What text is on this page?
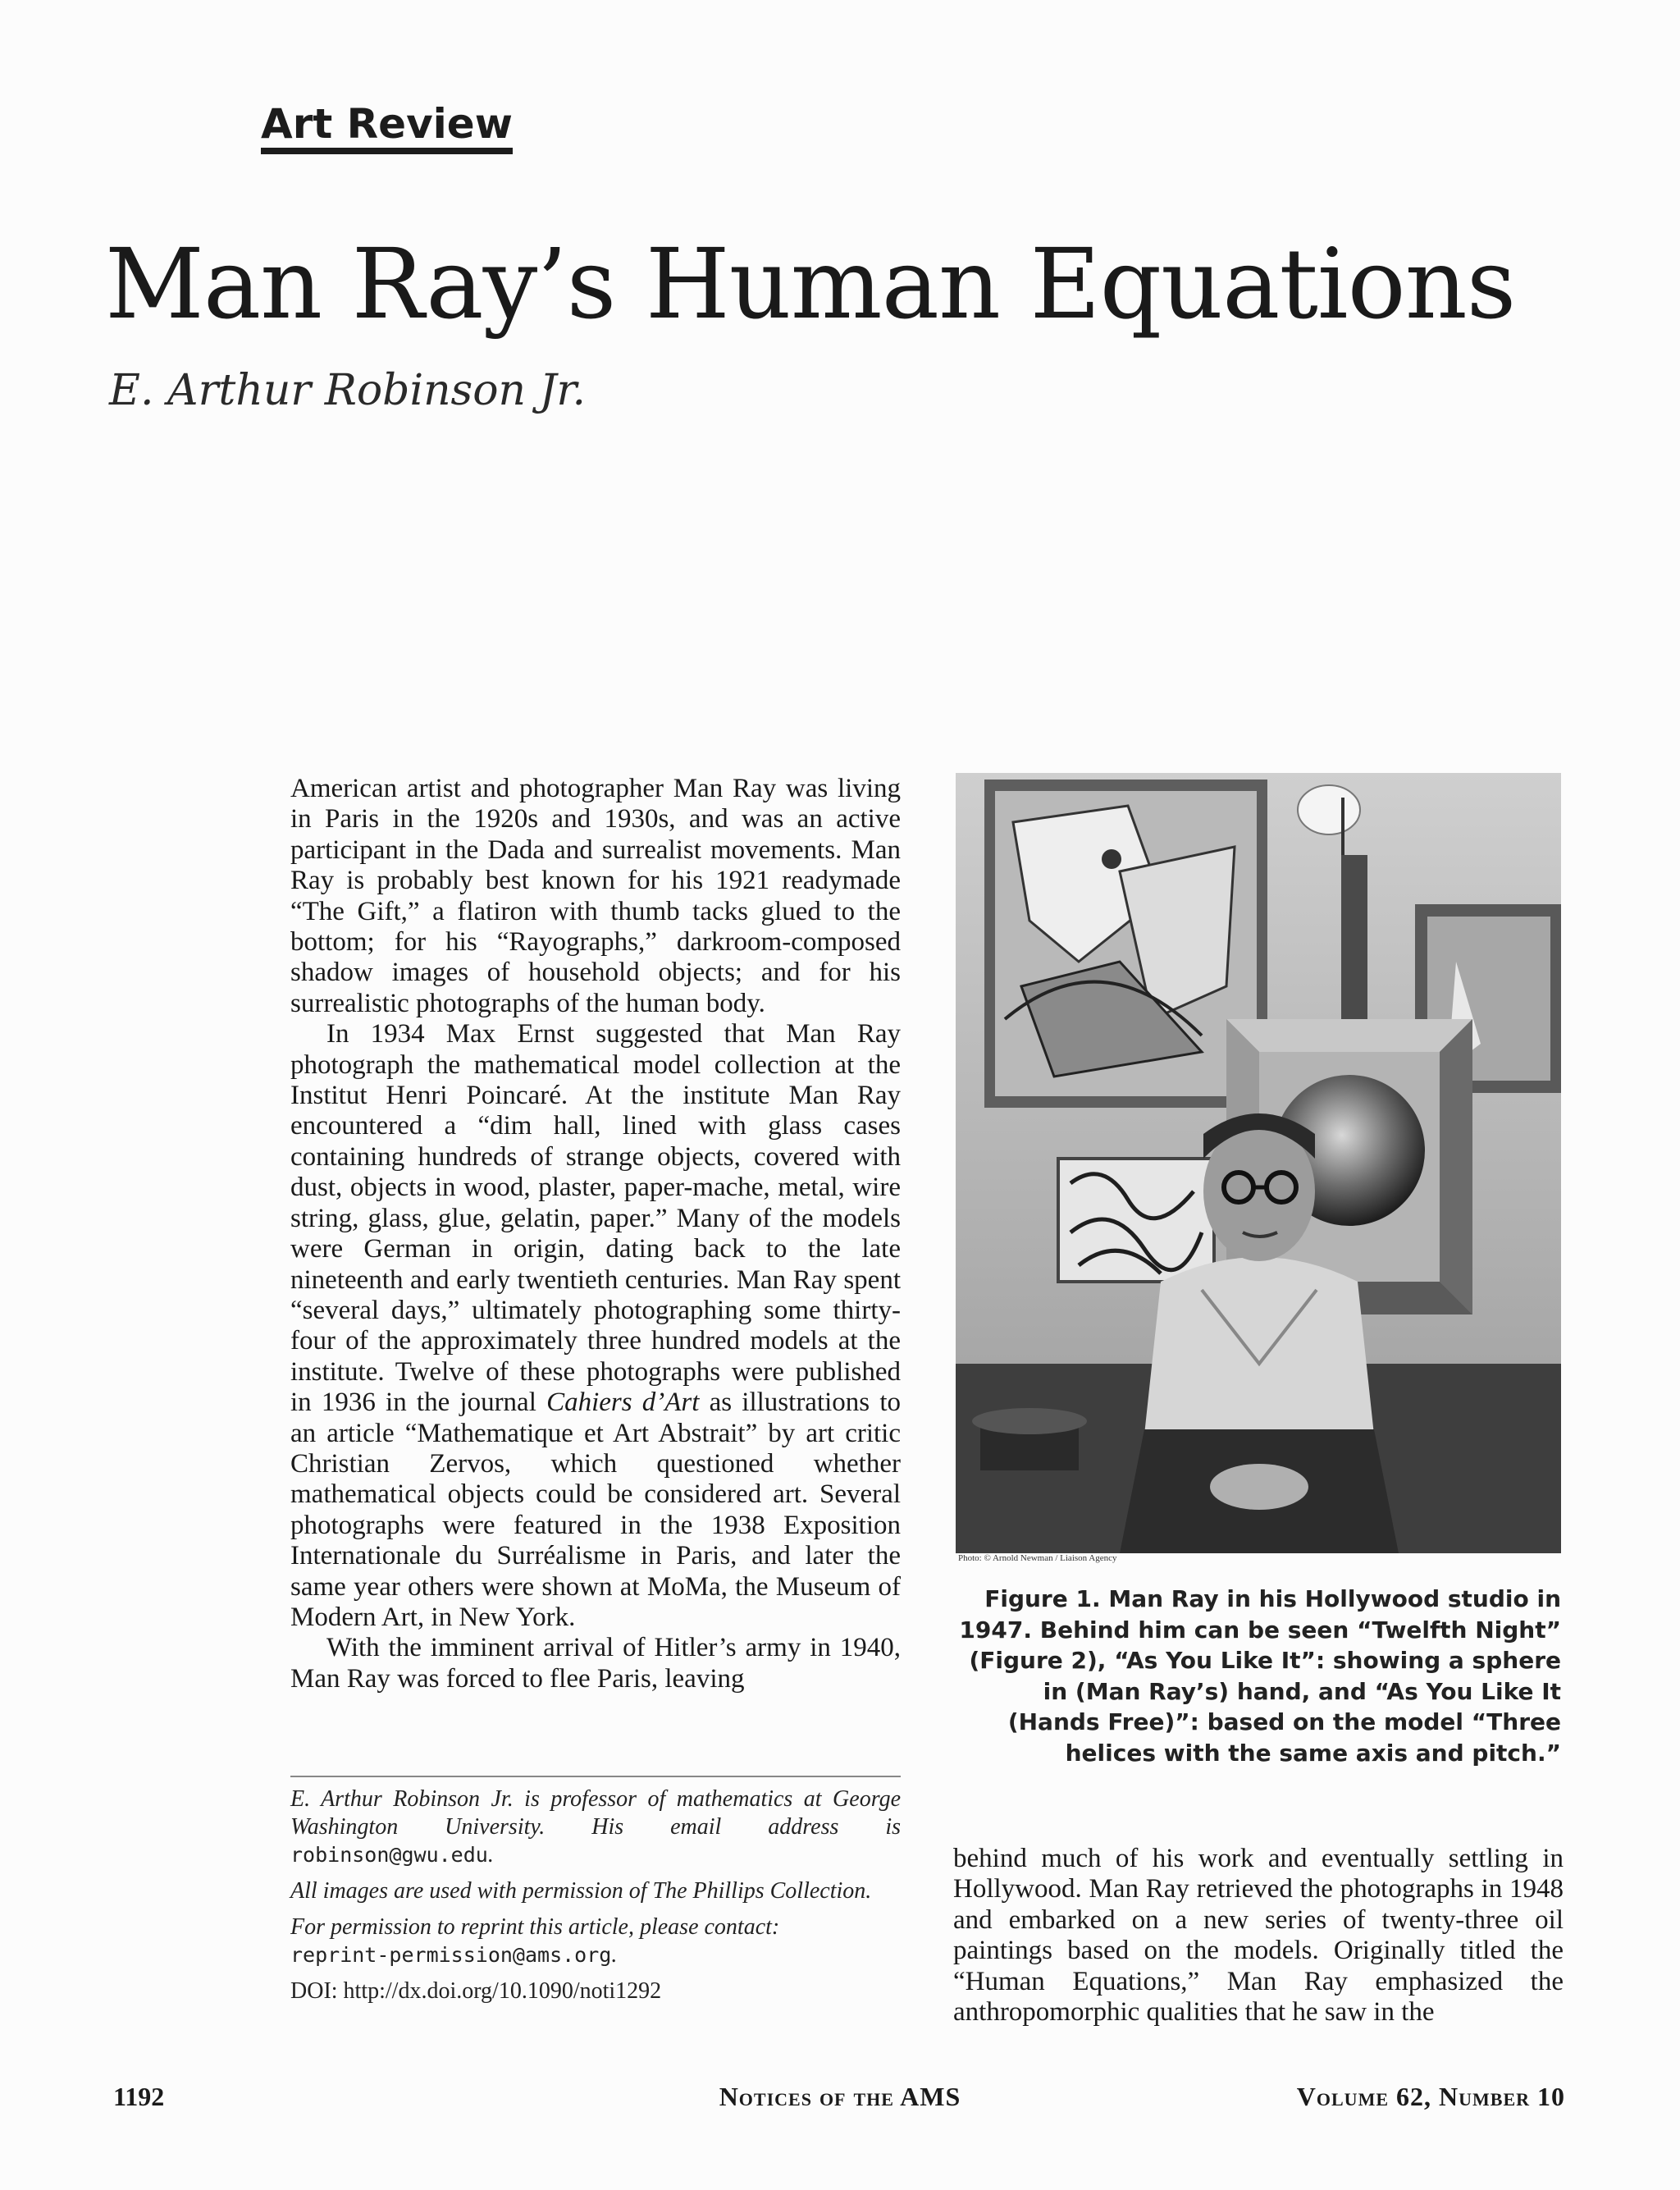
Art Review
Man Ray’s Human Equations
E. Arthur Robinson Jr.

American artist and photographer Man Ray was living in Paris in the 1920s and 1930s, and was an active participant in the Dada and surrealist movements. Man Ray is probably best known for his 1921 readymade “The Gift,” a flatiron with thumb tacks glued to the bottom; for his “Rayographs,” darkroom-composed shadow images of household objects; and for his surrealistic photographs of the human body.

In 1934 Max Ernst suggested that Man Ray photograph the mathematical model collection at the Institut Henri Poincaré. At the institute Man Ray encountered a “dim hall, lined with glass cases containing hundreds of strange objects, covered with dust, objects in wood, plaster, paper-mache, metal, wire string, glass, glue, gelatin, paper.” Many of the models were German in origin, dating back to the late nineteenth and early twentieth centuries. Man Ray spent “several days,” ultimately photographing some thirty-four of the approximately three hundred models at the institute. Twelve of these photographs were published in 1936 in the journal Cahiers d’Art as illustrations to an article “Mathematique et Art Abstrait” by art critic Christian Zervos, which questioned whether mathematical objects could be considered art. Several photographs were featured in the 1938 Exposition Internationale du Surréalisme in Paris, and later the same year others were shown at MoMa, the Museum of Modern Art, in New York.

With the imminent arrival of Hitler’s army in 1940, Man Ray was forced to flee Paris, leaving

E. Arthur Robinson Jr. is professor of mathematics at George Washington University. His email address is robinson@gwu.edu.

All images are used with permission of The Phillips Collection.

For permission to reprint this article, please contact:
reprint-permission@ams.org.

DOI: http://dx.doi.org/10.1090/noti1292

Photo: © Arnold Newman / Liaison Agency
Figure 1. Man Ray in his Hollywood studio in 1947. Behind him can be seen “Twelfth Night” (Figure 2), “As You Like It”: showing a sphere in (Man Ray’s) hand, and “As You Like It (Hands Free)”: based on the model “Three helices with the same axis and pitch.”

behind much of his work and eventually settling in Hollywood. Man Ray retrieved the photographs in 1948 and embarked on a new series of twenty-three oil paintings based on the models. Originally titled the “Human Equations,” Man Ray emphasized the anthropomorphic qualities that he saw in the

1192	Notices of the AMS	Volume 62, Number 10
